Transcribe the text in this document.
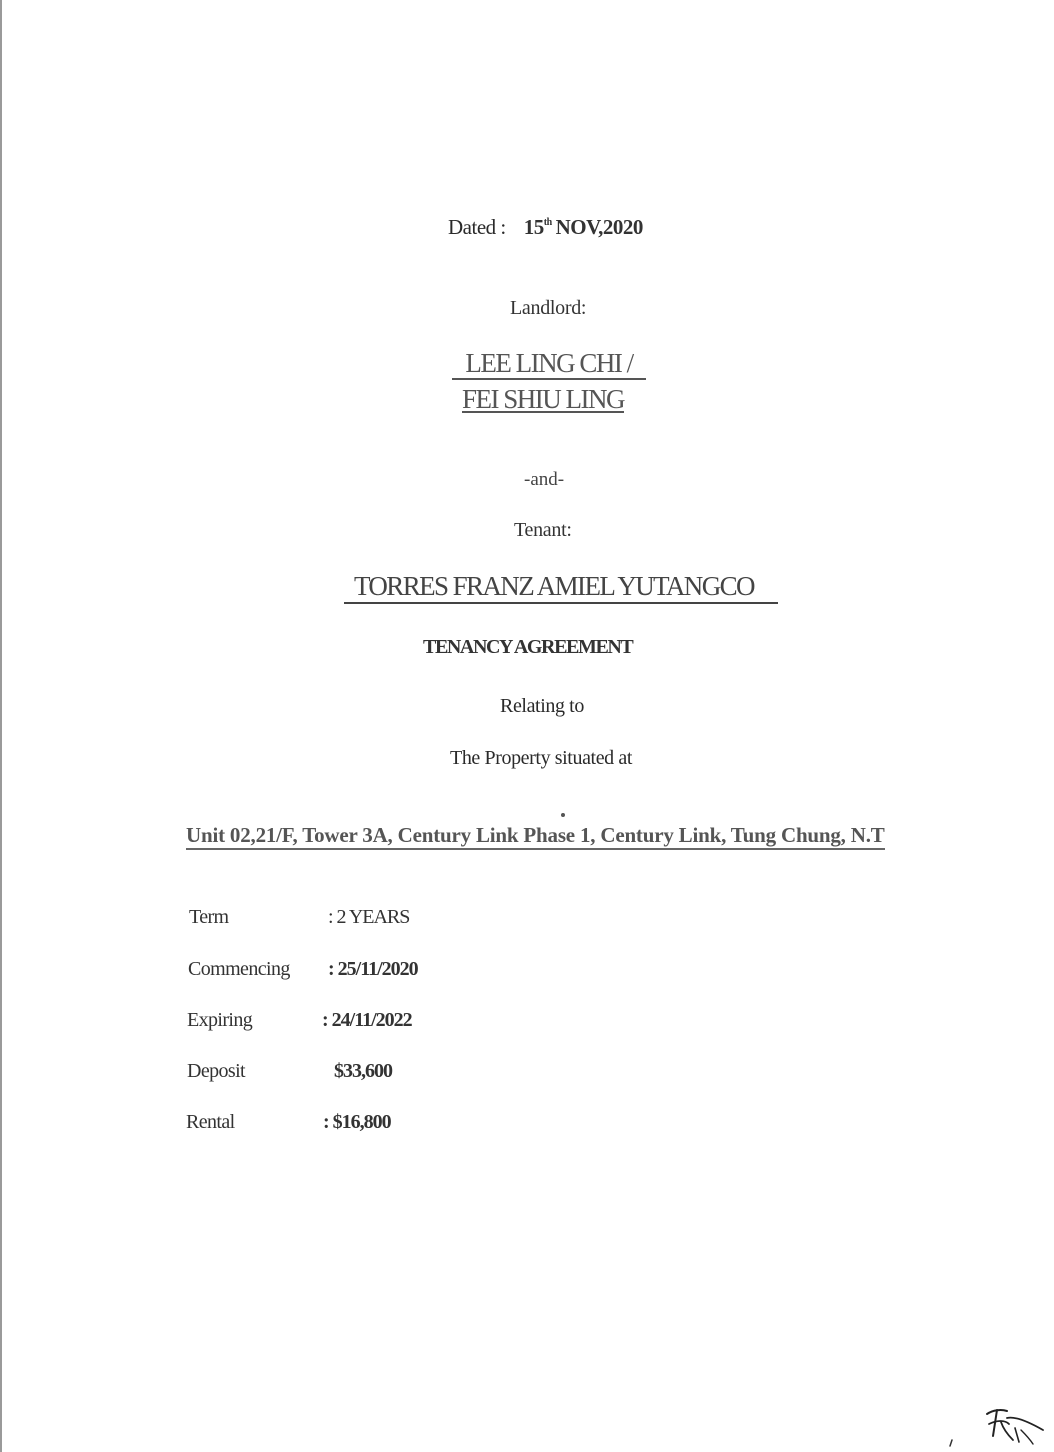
Dated : 15th NOV,2020
Landlord:
LEE LING CHI /
FEI SHIU LING
-and-
Tenant:
TORRES FRANZ AMIEL YUTANGCO
TENANCY AGREEMENT
Relating to
The Property situated at
Unit 02,21/F, Tower 3A, Century Link Phase 1, Century Link, Tung Chung, N.T
Term	: 2 YEARS
Commencing : 25/11/2020
Expiring	: 24/11/2022
Deposit	$33,600
Rental	: $16,800
